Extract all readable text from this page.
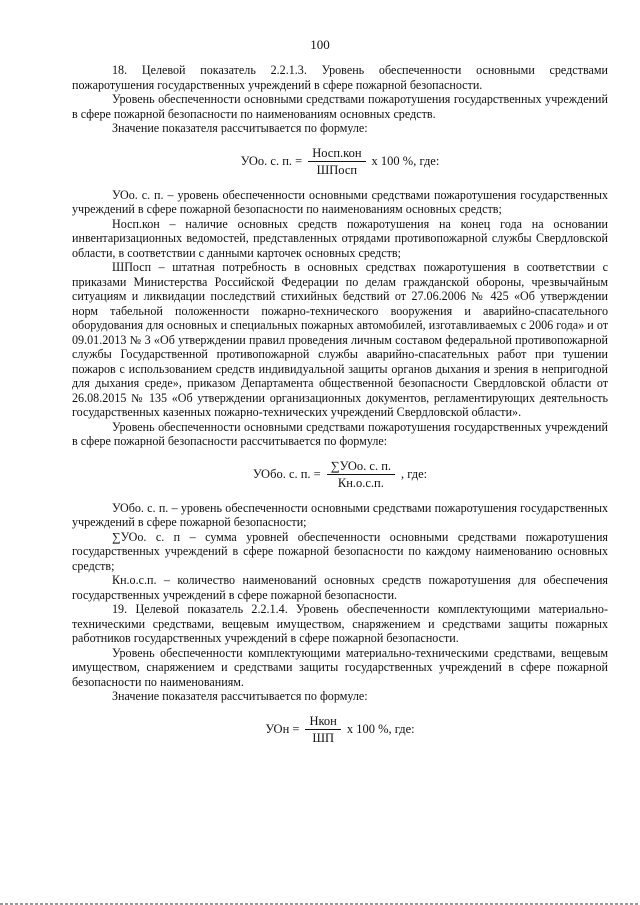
100

18. Целевой показатель 2.2.1.3. Уровень обеспеченности основными средствами пожаротушения государственных учреждений в сфере пожарной безопасности.

Уровень обеспеченности основными средствами пожаротушения государственных учреждений в сфере пожарной безопасности по наименованиям основных средств.

Значение показателя рассчитывается по формуле:

УОо. с. п. = $\frac{\text{Носп.кон}}{\text{ШПосп}}$ х 100 %, где:

УОо. с. п. – уровень обеспеченности основными средствами пожаротушения государственных учреждений в сфере пожарной безопасности по наименованиям основных средств;

Носп.кон – наличие основных средств пожаротушения на конец года на основании инвентаризационных ведомостей, представленных отрядами противопожарной службы Свердловской области, в соответствии с данными карточек основных средств;

ШПосп – штатная потребность в основных средствах пожаротушения в соответствии с приказами Министерства Российской Федерации по делам гражданской обороны, чрезвычайным ситуациям и ликвидации последствий стихийных бедствий от 27.06.2006 № 425 «Об утверждении норм табельной положенности пожарно-технического вооружения и аварийно-спасательного оборудования для основных и специальных пожарных автомобилей, изготавливаемых с 2006 года» и от 09.01.2013 № 3 «Об утверждении правил проведения личным составом федеральной противопожарной службы Государственной противопожарной службы аварийно-спасательных работ при тушении пожаров с использованием средств индивидуальной защиты органов дыхания и зрения в непригодной для дыхания среде», приказом Департамента общественной безопасности Свердловской области от 26.08.2015 № 135 «Об утверждении организационных документов, регламентирующих деятельность государственных казенных пожарно-технических учреждений Свердловской области».

Уровень обеспеченности основными средствами пожаротушения государственных учреждений в сфере пожарной безопасности рассчитывается по формуле:

УОбо. с. п. = $\frac{\text{∑УОо. с. п.}}{Кн.о.с.п.}$ , где:

УОбо. с. п. – уровень обеспеченности основными средствами пожаротушения государственных учреждений в сфере пожарной безопасности;

∑УОо. с. п – сумма уровней обеспеченности основными средствами пожаротушения государственных учреждений в сфере пожарной безопасности по каждому наименованию основных средств;

Кн.о.с.п. – количество наименований основных средств пожаротушения для обеспечения государственных учреждений в сфере пожарной безопасности.

19. Целевой показатель 2.2.1.4. Уровень обеспеченности комплектующими материально-техническими средствами, вещевым имуществом, снаряжением и средствами защиты пожарных работников государственных учреждений в сфере пожарной безопасности.

Уровень обеспеченности комплектующими материально-техническими средствами, вещевым имуществом, снаряжением и средствами защиты государственных учреждений в сфере пожарной безопасности по наименованиям.

Значение показателя рассчитывается по формуле:

УОн = $\frac{\text{Нкон}}{ШП}$ х 100 %, где:
